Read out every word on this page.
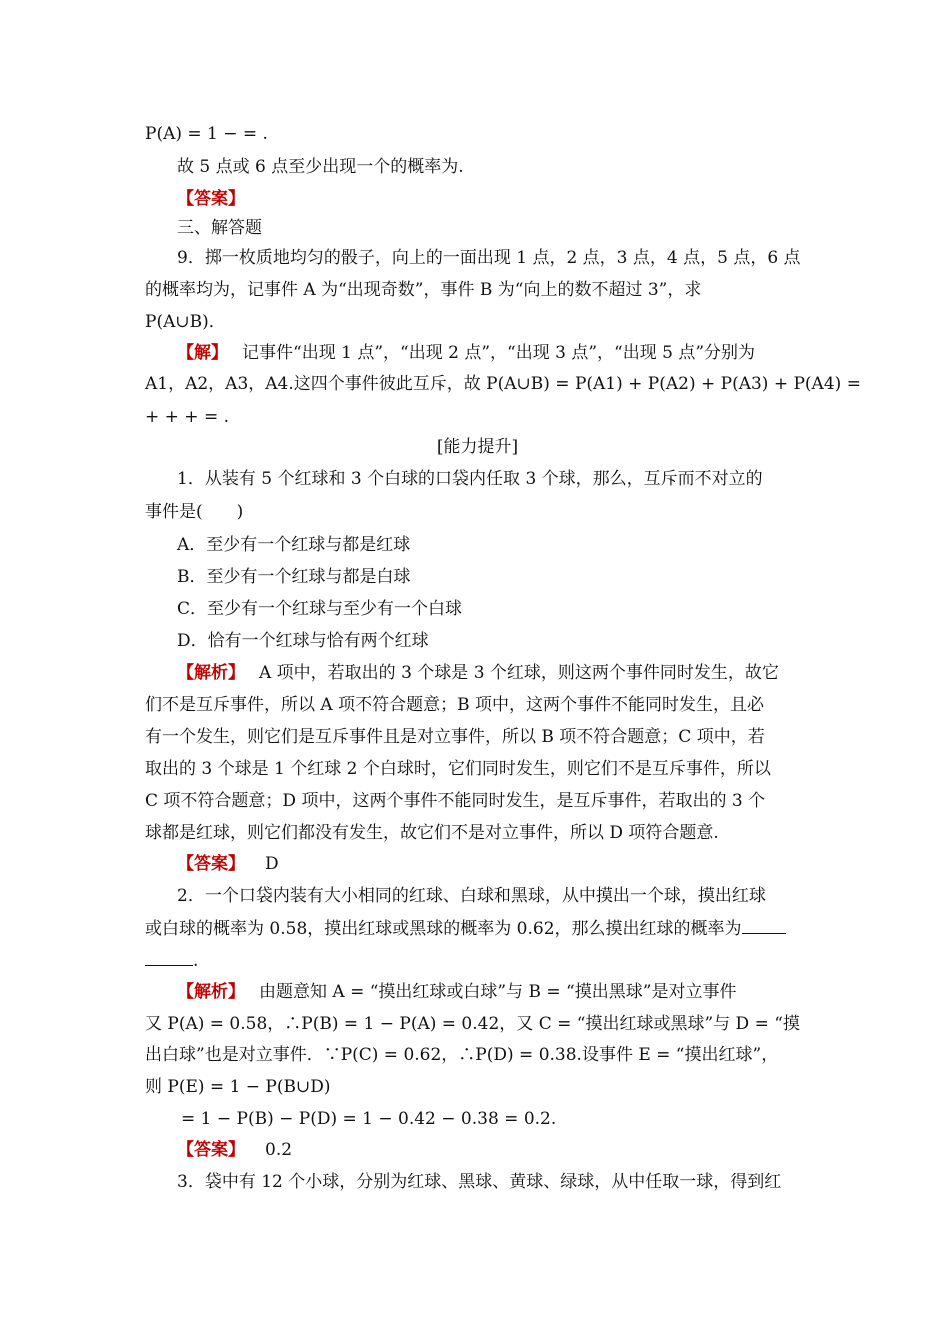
P(A) = 1 − = .
故 5 点或 6 点至少出现一个的概率为.
【答案】
三、解答题
9．掷一枚质地均匀的骰子，向上的一面出现 1 点，2 点，3 点，4 点，5 点，6 点
的概率均为，记事件 A 为“出现奇数”，事件 B 为“向上的数不超过 3”，求
P(A∪B)．
【解】 记事件“出现 1 点”，“出现 2 点”，“出现 3 点”，“出现 5 点”分别为
A1，A2，A3，A4.这四个事件彼此互斥，故 P(A∪B) = P(A1) + P(A2) + P(A3) + P(A4) =
+ + + = .
[能力提升]
1．从装有 5 个红球和 3 个白球的口袋内任取 3 个球，那么，互斥而不对立的
事件是(　　)
A．至少有一个红球与都是红球
B．至少有一个红球与都是白球
C．至少有一个红球与至少有一个白球
D．恰有一个红球与恰有两个红球
【解析】 A 项中，若取出的 3 个球是 3 个红球，则这两个事件同时发生，故它
们不是互斥事件，所以 A 项不符合题意；B 项中，这两个事件不能同时发生，且必
有一个发生，则它们是互斥事件且是对立事件，所以 B 项不符合题意；C 项中，若
取出的 3 个球是 1 个红球 2 个白球时，它们同时发生，则它们不是互斥事件，所以
C 项不符合题意；D 项中，这两个事件不能同时发生，是互斥事件，若取出的 3 个
球都是红球，则它们都没有发生，故它们不是对立事件，所以 D 项符合题意.
【答案】 D
2．一个口袋内装有大小相同的红球、白球和黑球，从中摸出一个球，摸出红球
或白球的概率为 0.58，摸出红球或黑球的概率为 0.62，那么摸出红球的概率为
.
【解析】 由题意知 A = “摸出红球或白球”与 B = “摸出黑球”是对立事件
又 P(A) = 0.58，∴P(B) = 1 − P(A) = 0.42，又 C = “摸出红球或黑球”与 D = “摸
出白球”也是对立事件．∵P(C) = 0.62，∴P(D) = 0.38.设事件 E = “摸出红球”，
则 P(E) = 1 − P(B∪D)
= 1 − P(B) − P(D) = 1 − 0.42 − 0.38 = 0.2.
【答案】 0.2
3．袋中有 12 个小球，分别为红球、黑球、黄球、绿球，从中任取一球，得到红
